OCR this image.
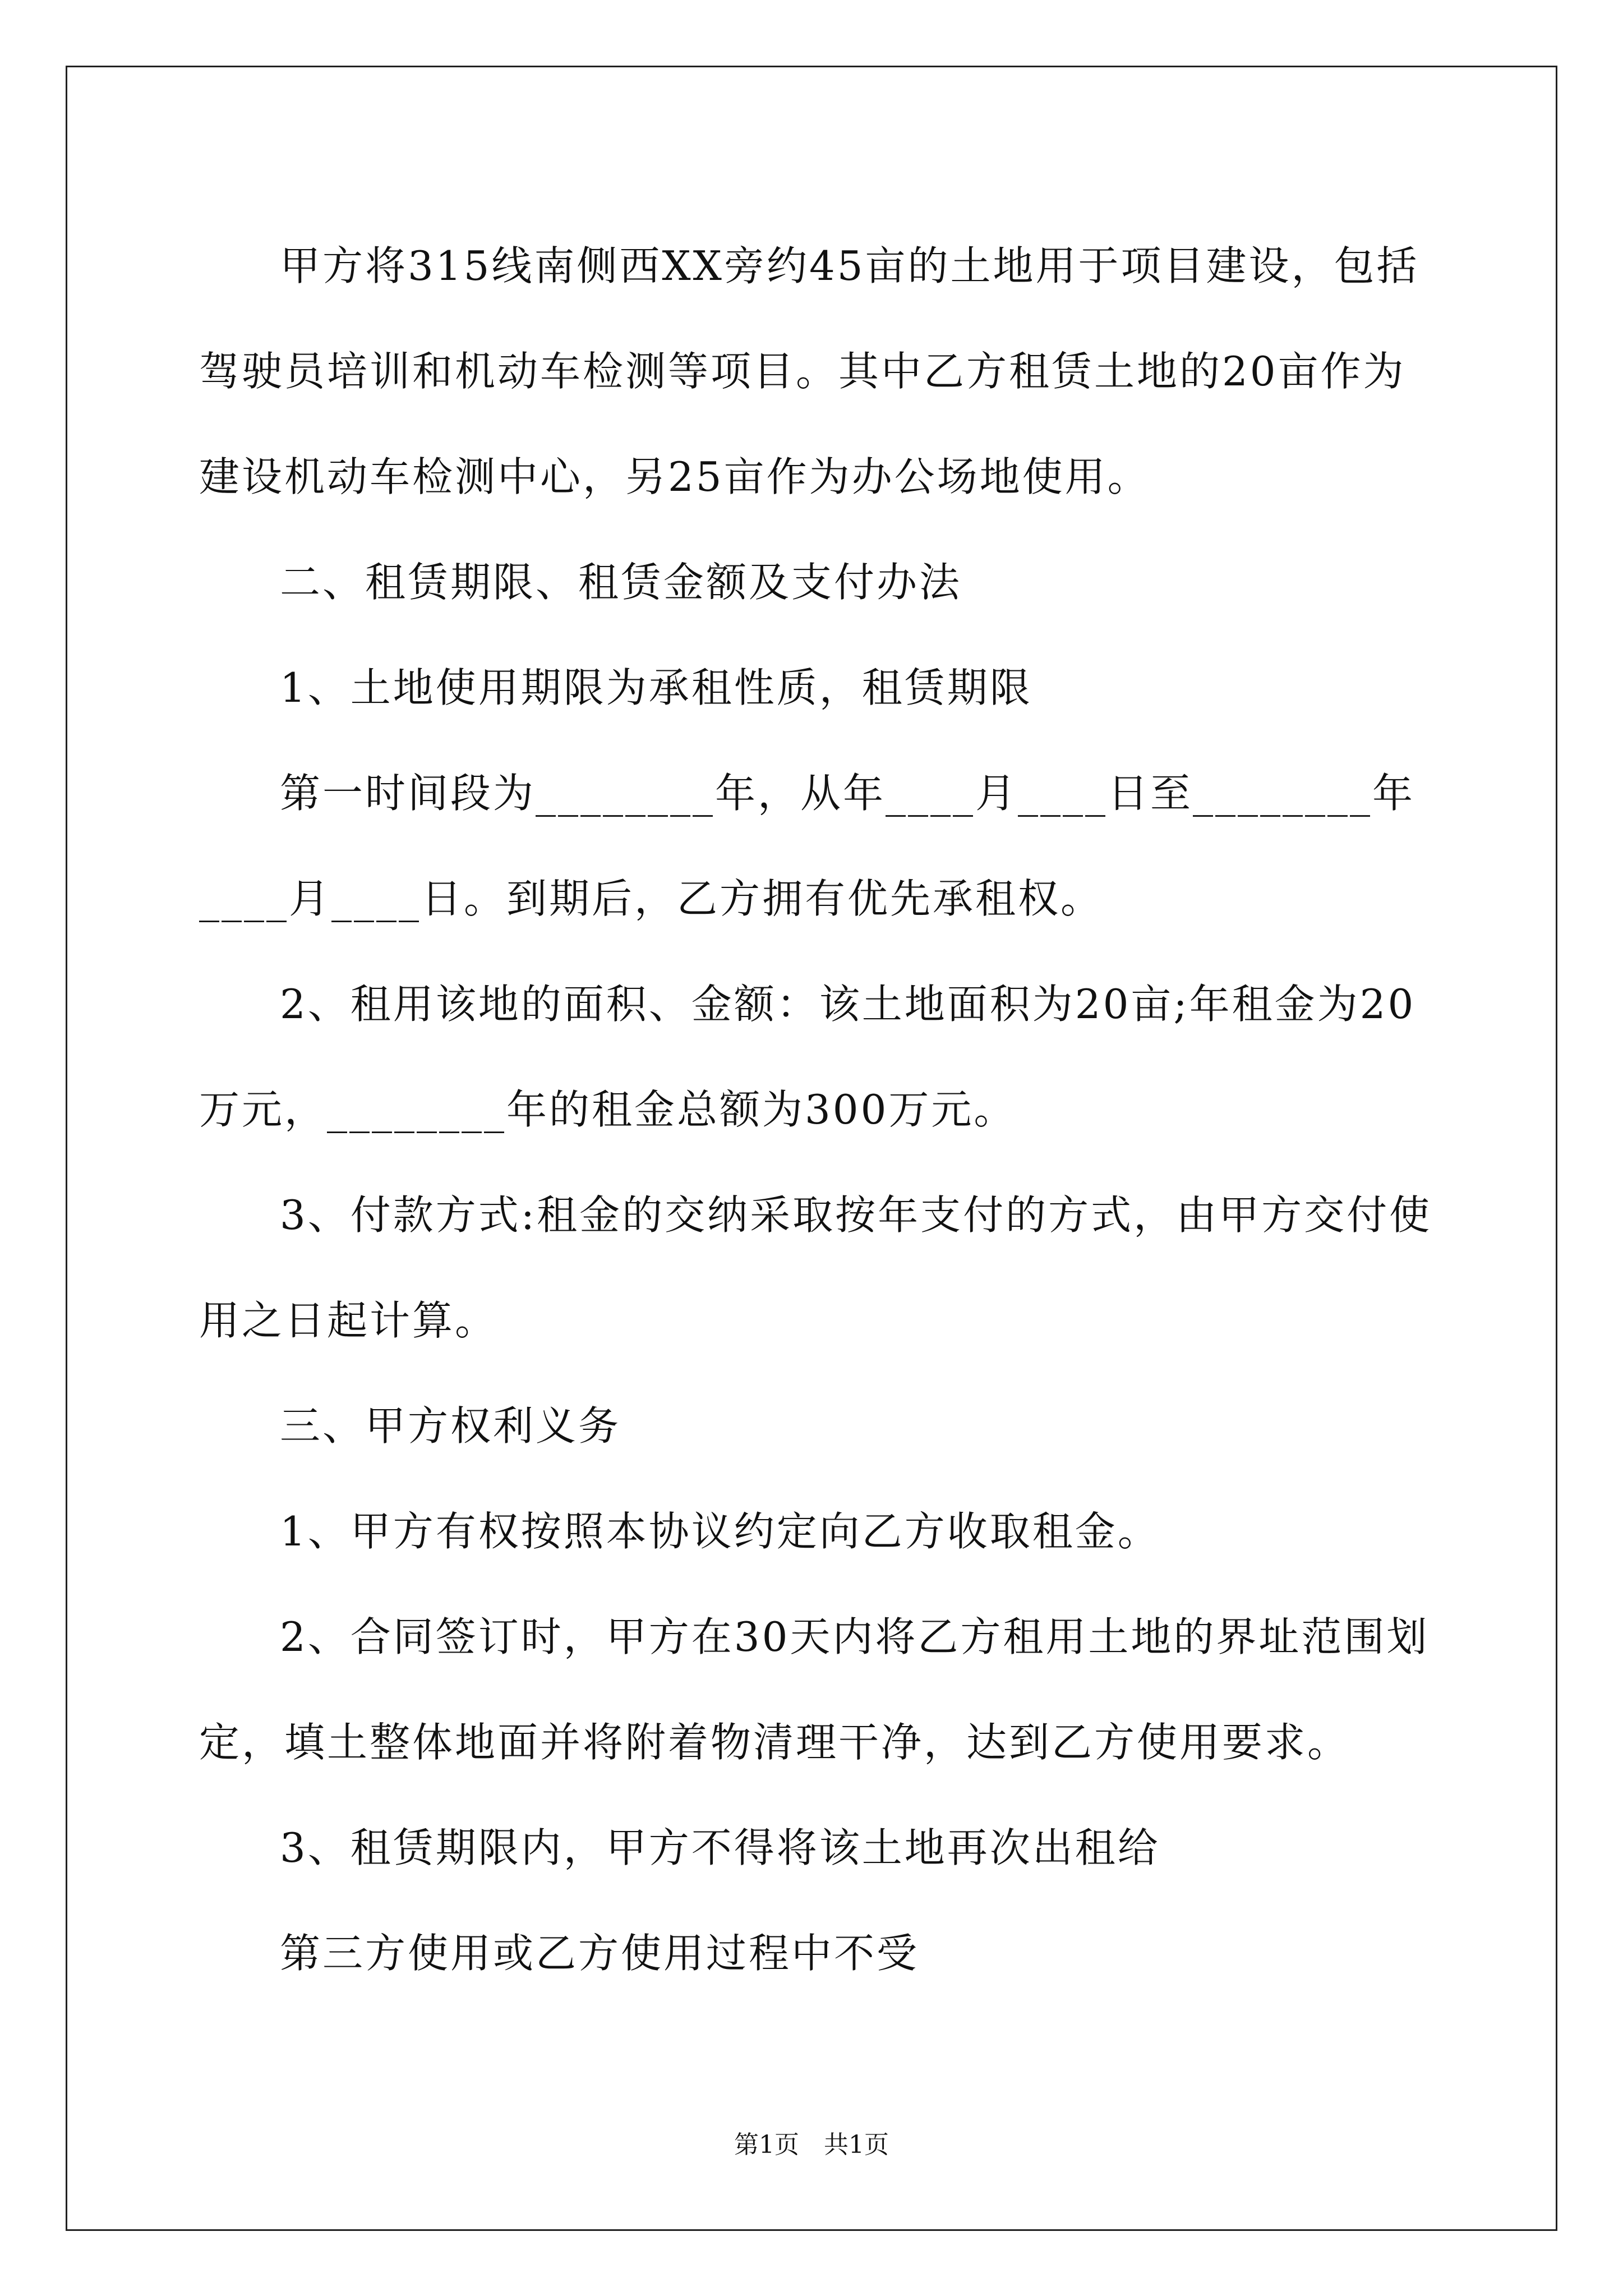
甲方将315线南侧西XX旁约45亩的土地用于项目建设，包括驾驶员培训和机动车检测等项目。其中乙方租赁土地的20亩作为建设机动车检测中心，另25亩作为办公场地使用。

二、租赁期限、租赁金额及支付办法

1、土地使用期限为承租性质，租赁期限

第一时间段为________年，从年____月____日至________年____月____日。到期后，乙方拥有优先承租权。

2、租用该地的面积、金额：该土地面积为20亩;年租金为20万元，________年的租金总额为300万元。

3、付款方式:租金的交纳采取按年支付的方式，由甲方交付使用之日起计算。

三、甲方权利义务

1、甲方有权按照本协议约定向乙方收取租金。

2、合同签订时，甲方在30天内将乙方租用土地的界址范围划定，填土整体地面并将附着物清理干净，达到乙方使用要求。

3、租赁期限内，甲方不得将该土地再次出租给

第三方使用或乙方使用过程中不受

第1页　共1页
